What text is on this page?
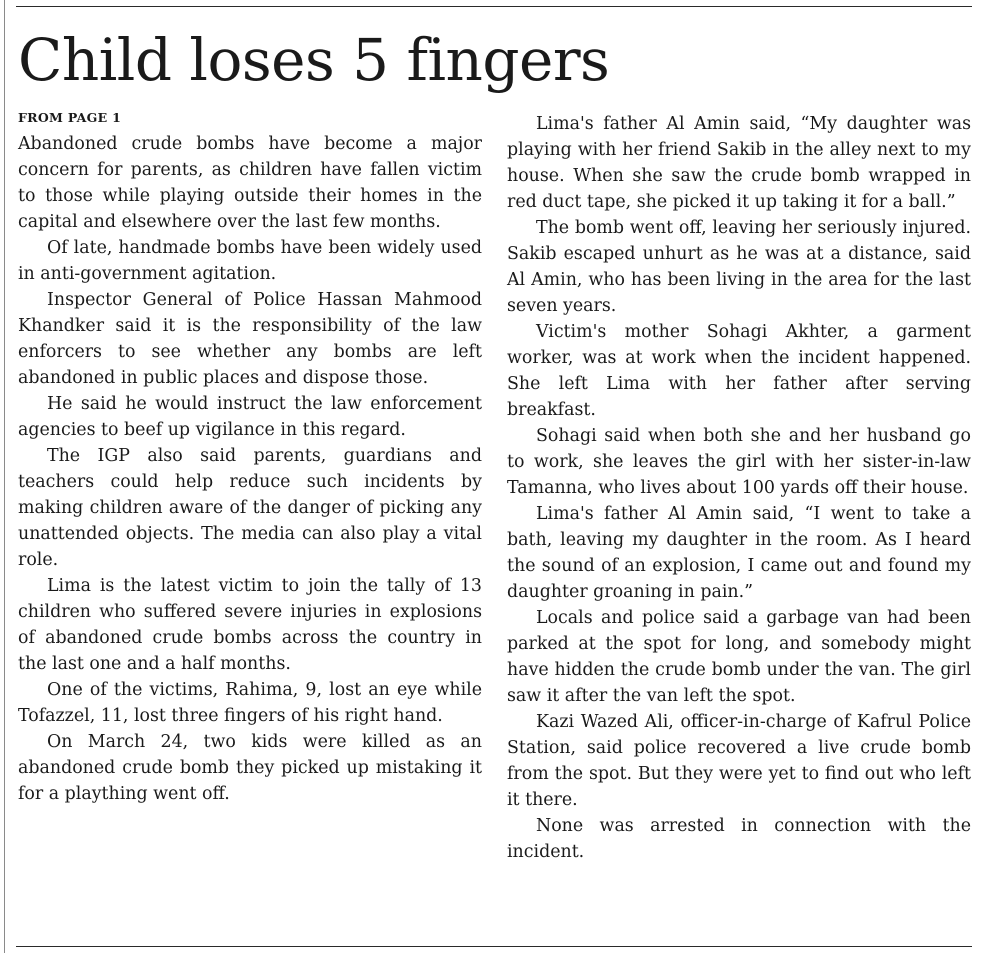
Child loses 5 fingers
FROM PAGE 1

Abandoned crude bombs have become a major concern for parents, as children have fallen victim to those while playing outside their homes in the capital and elsewhere over the last few months.

Of late, handmade bombs have been widely used in anti-government agitation.

Inspector General of Police Hassan Mahmood Khandker said it is the responsibility of the law enforcers to see whether any bombs are left abandoned in public places and dispose those.

He said he would instruct the law enforcement agencies to beef up vigilance in this regard.

The IGP also said parents, guardians and teachers could help reduce such incidents by making children aware of the danger of picking any unattended objects. The media can also play a vital role.

Lima is the latest victim to join the tally of 13 children who suffered severe injuries in explosions of abandoned crude bombs across the country in the last one and a half months.

One of the victims, Rahima, 9, lost an eye while Tofazzel, 11, lost three fingers of his right hand.

On March 24, two kids were killed as an abandoned crude bomb they picked up mistaking it for a plaything went off.

Lima's father Al Amin said, “My daughter was playing with her friend Sakib in the alley next to my house. When she saw the crude bomb wrapped in red duct tape, she picked it up taking it for a ball.”

The bomb went off, leaving her seriously injured. Sakib escaped unhurt as he was at a distance, said Al Amin, who has been living in the area for the last seven years.

Victim's mother Sohagi Akhter, a garment worker, was at work when the incident happened. She left Lima with her father after serving breakfast.

Sohagi said when both she and her husband go to work, she leaves the girl with her sister-in-law Tamanna, who lives about 100 yards off their house.

Lima's father Al Amin said, “I went to take a bath, leaving my daughter in the room. As I heard the sound of an explosion, I came out and found my daughter groaning in pain.”

Locals and police said a garbage van had been parked at the spot for long, and somebody might have hidden the crude bomb under the van. The girl saw it after the van left the spot.

Kazi Wazed Ali, officer-in-charge of Kafrul Police Station, said police recovered a live crude bomb from the spot. But they were yet to find out who left it there.

None was arrested in connection with the incident.
